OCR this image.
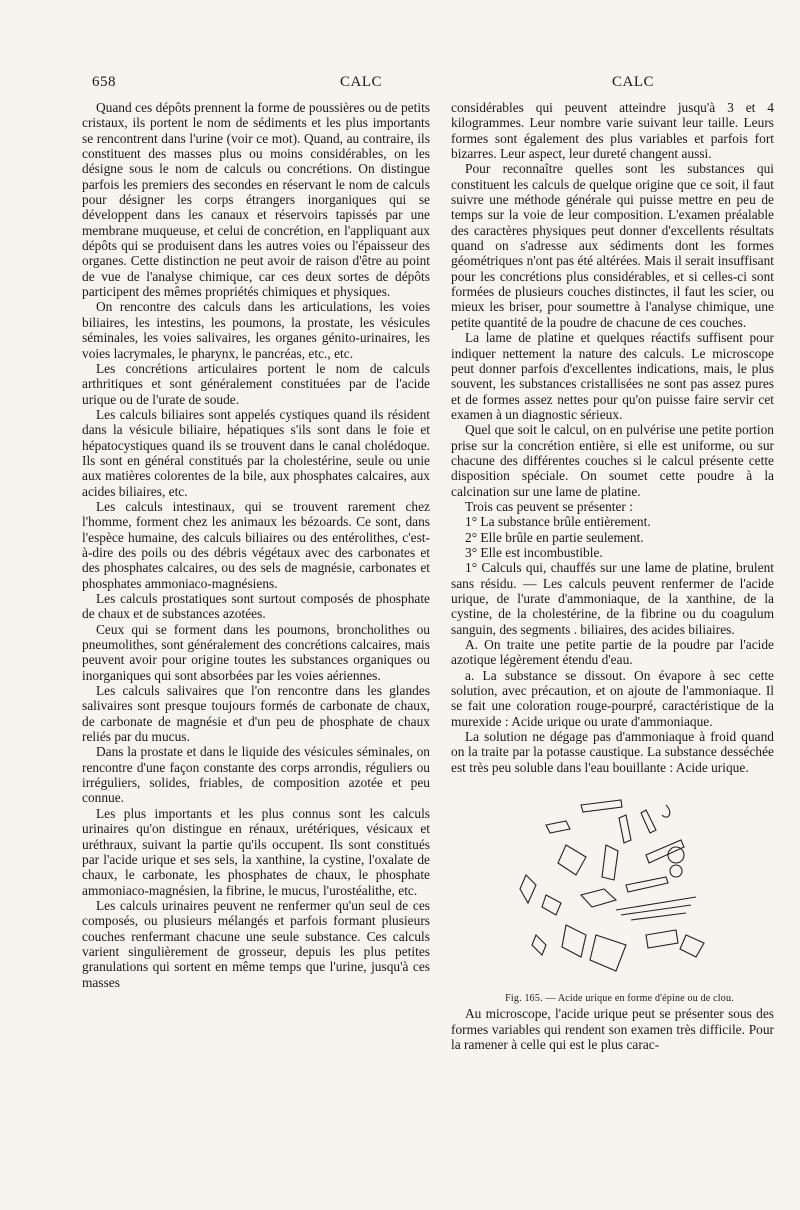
658	CALC	CALC

Quand ces dépôts prennent la forme de poussières ou de petits cristaux, ils portent le nom de sédiments et les plus importants se rencontrent dans l'urine (voir ce mot). Quand, au contraire, ils constituent des masses plus ou moins considérables, on les désigne sous le nom de calculs ou concrétions. On distingue parfois les premiers des secondes en réservant le nom de calculs pour désigner les corps étrangers inorganiques qui se développent dans les canaux et réservoirs tapissés par une membrane muqueuse, et celui de concrétion, en l'appliquant aux dépôts qui se produisent dans les autres voies ou l'épaisseur des organes. Cette distinction ne peut avoir de raison d'être au point de vue de l'analyse chimique, car ces deux sortes de dépôts participent des mêmes propriétés chimiques et physiques.

On rencontre des calculs dans les articulations, les voies biliaires, les intestins, les poumons, la prostate, les vésicules séminales, les voies salivaires, les organes génito-urinaires, les voies lacrymales, le pharynx, le pancréas, etc., etc.

Les concrétions articulaires portent le nom de calculs arthritiques et sont généralement constituées par de l'acide urique ou de l'urate de soude.

Les calculs biliaires sont appelés cystiques quand ils résident dans la vésicule biliaire, hépatiques s'ils sont dans le foie et hépatocystiques quand ils se trouvent dans le canal cholédoque. Ils sont en général constitués par la cholestérine, seule ou unie aux matières colorentes de la bile, aux phosphates calcaires, aux acides biliaires, etc.

Les calculs intestinaux, qui se trouvent rarement chez l'homme, forment chez les animaux les bézoards. Ce sont, dans l'espèce humaine, des calculs biliaires ou des entérolithes, c'est-à-dire des poils ou des débris végétaux avec des carbonates et des phosphates calcaires, ou des sels de magnésie, carbonates et phosphates ammoniaco-magnésiens.

Les calculs prostatiques sont surtout composés de phosphate de chaux et de substances azotées.

Ceux qui se forment dans les poumons, broncholithes ou pneumolithes, sont généralement des concrétions calcaires, mais peuvent avoir pour origine toutes les substances organiques ou inorganiques qui sont absorbées par les voies aériennes.

Les calculs salivaires que l'on rencontre dans les glandes salivaires sont presque toujours formés de carbonate de chaux, de carbonate de magnésie et d'un peu de phosphate de chaux reliés par du mucus.

Dans la prostate et dans le liquide des vésicules séminales, on rencontre d'une façon constante des corps arrondis, réguliers ou irréguliers, solides, friables, de composition azotée et peu connue.

Les plus importants et les plus connus sont les calculs urinaires qu'on distingue en rénaux, urétériques, vésicaux et uréthraux, suivant la partie qu'ils occupent. Ils sont constitués par l'acide urique et ses sels, la xanthine, la cystine, l'oxalate de chaux, le carbonate, les phosphates de chaux, le phosphate ammoniaco-magnésien, la fibrine, le mucus, l'urostéalithe, etc.

Les calculs urinaires peuvent ne renfermer qu'un seul de ces composés, ou plusieurs mélangés et parfois formant plusieurs couches renfermant chacune une seule substance. Ces calculs varient singulièrement de grosseur, depuis les plus petites granulations qui sortent en même temps que l'urine, jusqu'à ces masses

considérables qui peuvent atteindre jusqu'à 3 et 4 kilogrammes. Leur nombre varie suivant leur taille. Leurs formes sont également des plus variables et parfois fort bizarres. Leur aspect, leur dureté changent aussi.

Pour reconnaître quelles sont les substances qui constituent les calculs de quelque origine que ce soit, il faut suivre une méthode générale qui puisse mettre en peu de temps sur la voie de leur composition. L'examen préalable des caractères physiques peut donner d'excellents résultats quand on s'adresse aux sédiments dont les formes géométriques n'ont pas été altérées. Mais il serait insuffisant pour les concrétions plus considérables, et si celles-ci sont formées de plusieurs couches distinctes, il faut les scier, ou mieux les briser, pour soumettre à l'analyse chimique, une petite quantité de la poudre de chacune de ces couches.

La lame de platine et quelques réactifs suffisent pour indiquer nettement la nature des calculs. Le microscope peut donner parfois d'excellentes indications, mais, le plus souvent, les substances cristallisées ne sont pas assez pures et de formes assez nettes pour qu'on puisse faire servir cet examen à un diagnostic sérieux.

Quel que soit le calcul, on en pulvérise une petite portion prise sur la concrétion entière, si elle est uniforme, ou sur chacune des différentes couches si le calcul présente cette disposition spéciale. On soumet cette poudre à la calcination sur une lame de platine.

Trois cas peuvent se présenter :

1° La substance brûle entièrement.

2° Elle brûle en partie seulement.

3° Elle est incombustible.

1° Calculs qui, chauffés sur une lame de platine, brulent sans résidu. — Les calculs peuvent renfermer de l'acide urique, de l'urate d'ammoniaque, de la xanthine, de la cystine, de la cholestérine, de la fibrine ou du coagulum sanguin, des segments . biliaires, des acides biliaires.

A. On traite une petite partie de la poudre par l'acide azotique légèrement étendu d'eau.

a. La substance se dissout. On évapore à sec cette solution, avec précaution, et on ajoute de l'ammoniaque. Il se fait une coloration rouge-pourpré, caractéristique de la murexide : Acide urique ou urate d'ammoniaque.

La solution ne dégage pas d'ammoniaque à froid quand on la traite par la potasse caustique. La substance desséchée est très peu soluble dans l'eau bouillante : Acide urique.

Fig. 165. — Acide urique en forme d'épine ou de clou.

Au microscope, l'acide urique peut se présenter sous des formes variables qui rendent son examen très difficile. Pour la ramener à celle qui est le plus carac-
